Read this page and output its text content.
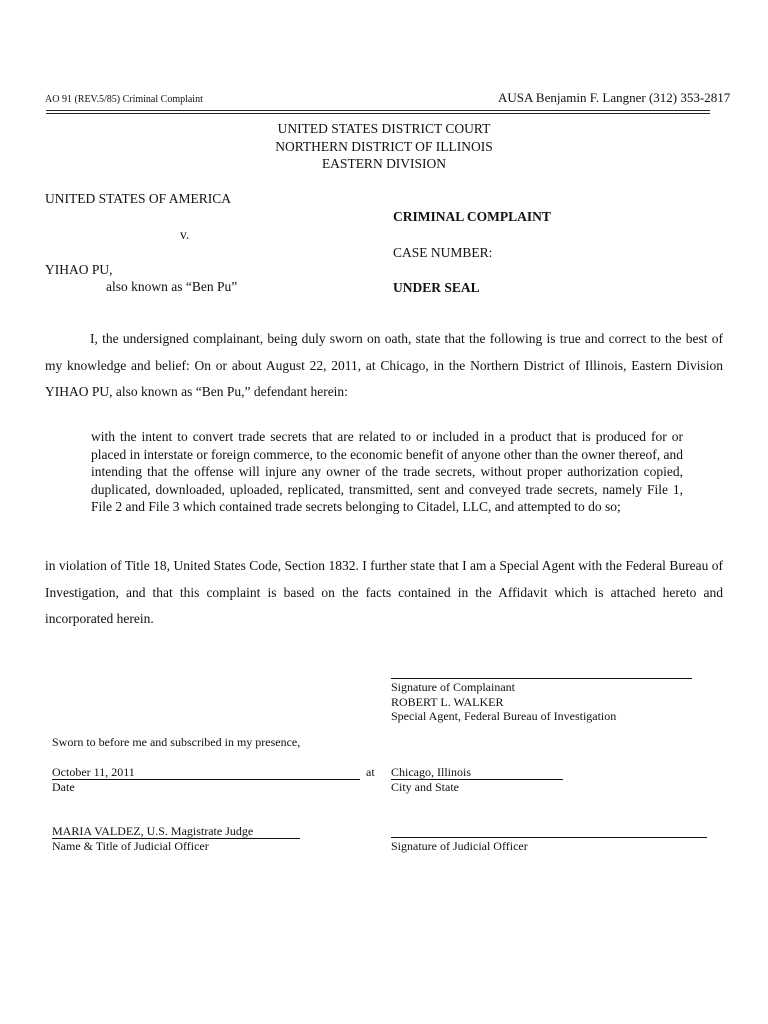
AO 91 (REV.5/85) Criminal Complaint	AUSA Benjamin F. Langner (312) 353-2817
UNITED STATES DISTRICT COURT
NORTHERN DISTRICT OF ILLINOIS
EASTERN DIVISION
UNITED STATES OF AMERICA
CRIMINAL COMPLAINT
v.
CASE NUMBER:
YIHAO PU,
also known as “Ben Pu”	UNDER SEAL
I, the undersigned complainant, being duly sworn on oath, state that the following is true and correct to the best of my knowledge and belief: On or about August 22, 2011, at Chicago, in the Northern District of Illinois, Eastern Division YIHAO PU, also known as “Ben Pu,” defendant herein:
with the intent to convert trade secrets that are related to or included in a product that is produced for or placed in interstate or foreign commerce, to the economic benefit of anyone other than the owner thereof, and intending that the offense will injure any owner of the trade secrets, without proper authorization copied, duplicated, downloaded, uploaded, replicated, transmitted, sent and conveyed trade secrets, namely File 1, File 2 and File 3 which contained trade secrets belonging to Citadel, LLC, and attempted to do so;
in violation of Title 18, United States Code, Section 1832. I further state that I am a Special Agent with the Federal Bureau of Investigation, and that this complaint is based on the facts contained in the Affidavit which is attached hereto and incorporated herein.
Signature of Complainant
ROBERT L. WALKER
Special Agent, Federal Bureau of Investigation
Sworn to before me and subscribed in my presence,
October 11, 2011
Date
at Chicago, Illinois
City and State
MARIA VALDEZ, U.S. Magistrate Judge
Name & Title of Judicial Officer	Signature of Judicial Officer
